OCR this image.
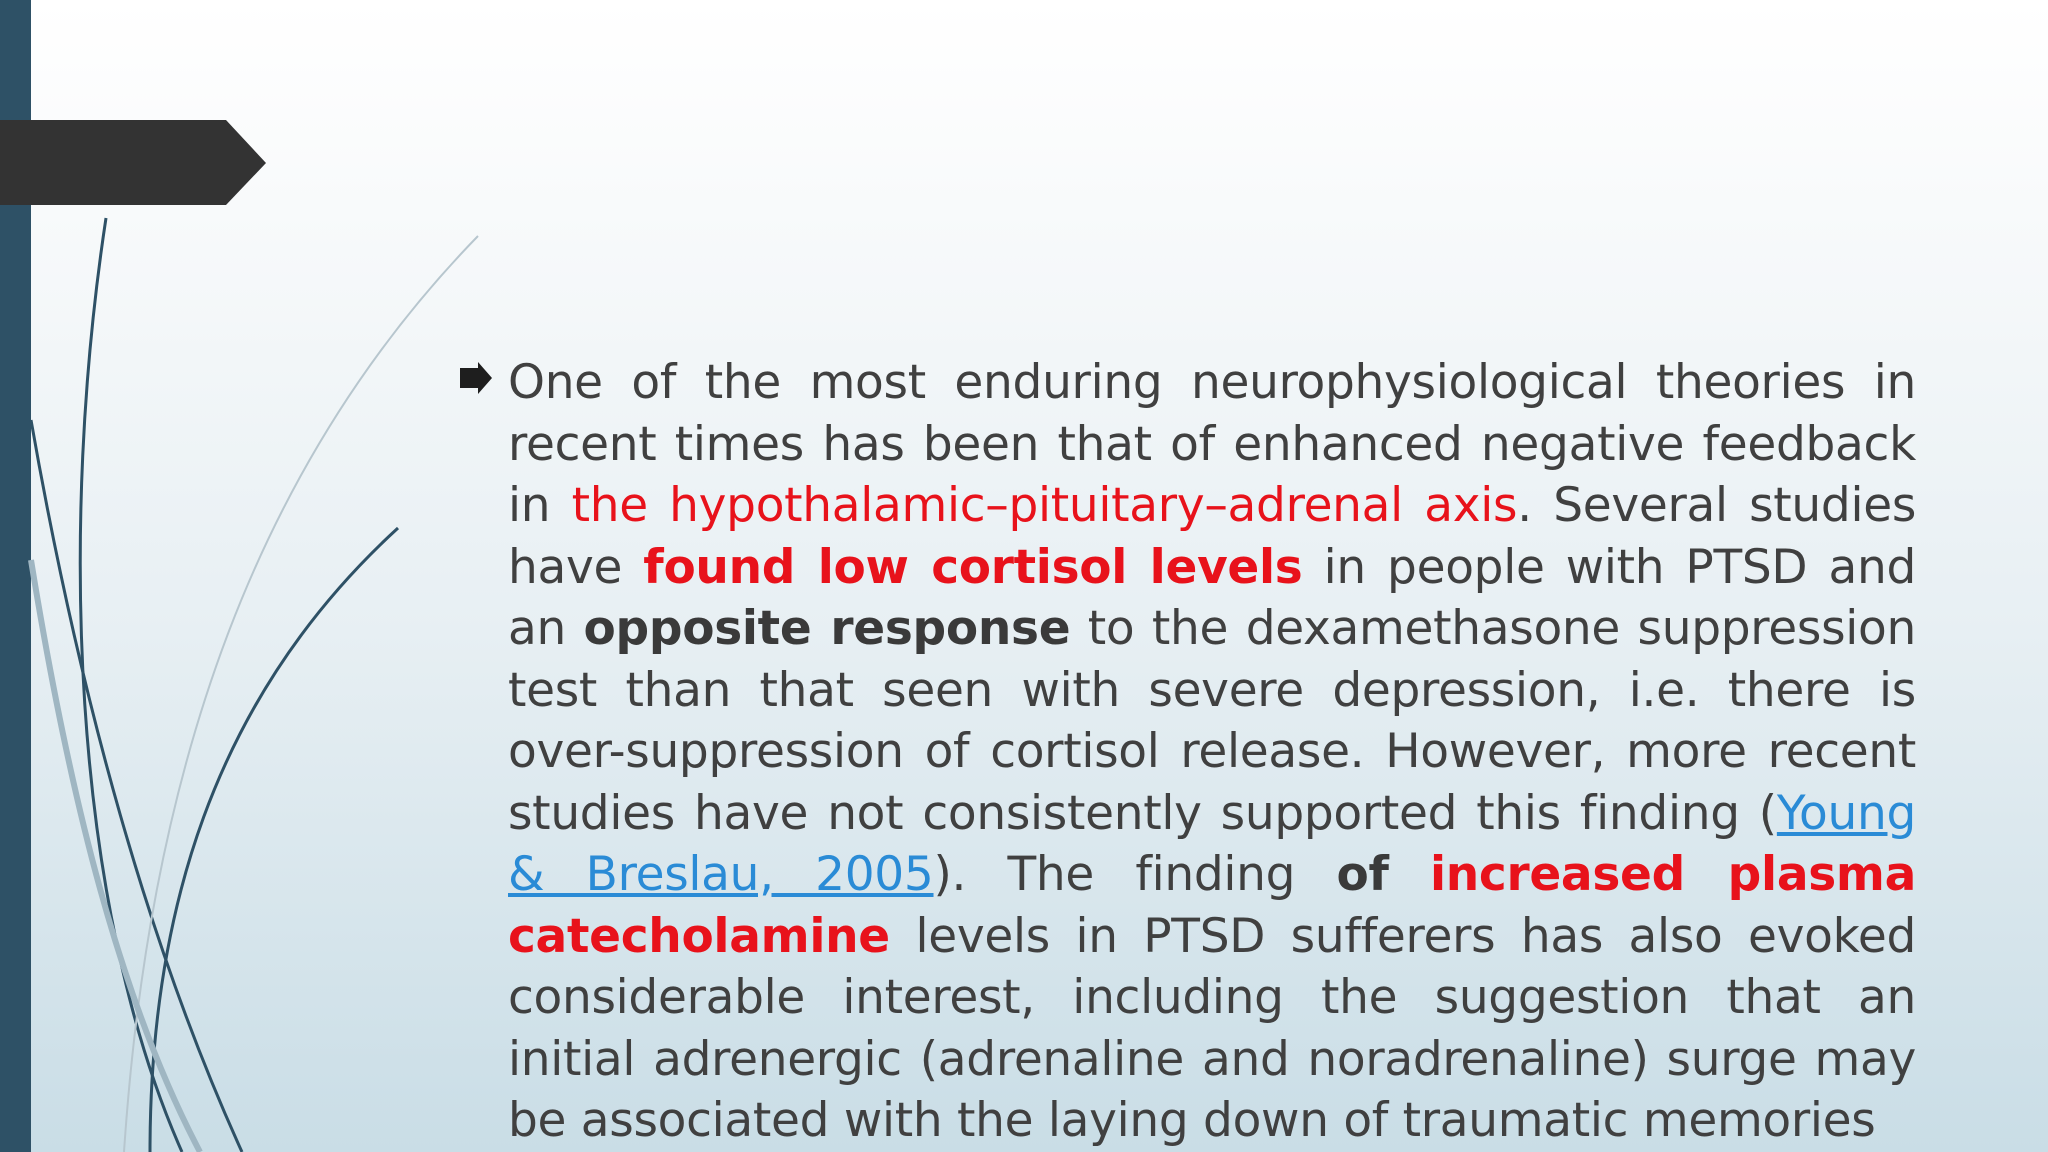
One of the most enduring neurophysiological theories in recent times has been that of enhanced negative feedback in the hypothalamic–pituitary–adrenal axis. Several studies have found low cortisol levels in people with PTSD and an opposite response to the dexamethasone suppression test than that seen with severe depression, i.e. there is over-suppression of cortisol release. However, more recent studies have not consistently supported this finding (Young & Breslau, 2005). The finding of increased plasma catecholamine levels in PTSD sufferers has also evoked considerable interest, including the suggestion that an initial adrenergic (adrenaline and noradrenaline) surge may be associated with the laying down of traumatic memories
